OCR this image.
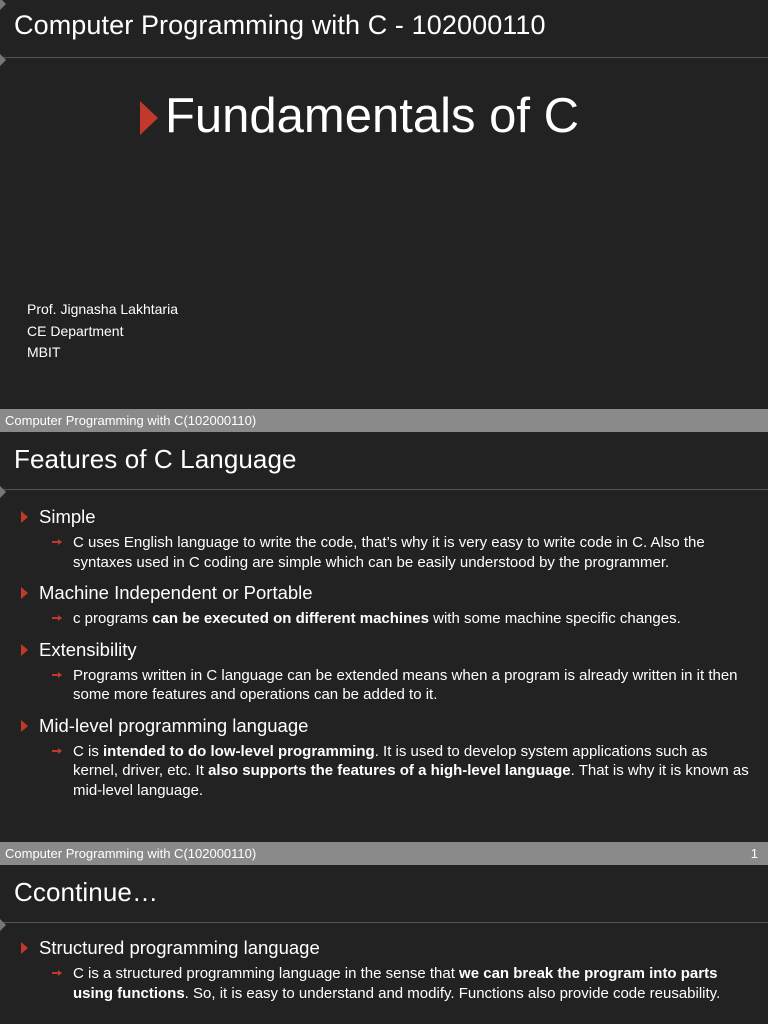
Computer Programming with C - 102000110
Fundamentals of C
Prof. Jignasha Lakhtaria
CE Department
MBIT
Computer Programming with C(102000110)
Features of C Language
Simple
C uses English language to write the code, that’s why it is very easy to write code in C. Also the syntaxes used in C coding are simple which can be easily understood by the programmer.
Machine Independent or Portable
c programs can be executed on different machines with some machine specific changes.
Extensibility
Programs written in C language can be extended means when a program is already written in it then some more features and operations can be added to it.
Mid-level programming language
C is intended to do low-level programming. It is used to develop system applications such as kernel, driver, etc. It also supports the features of a high-level language. That is why it is known as mid-level language.
Computer Programming with C(102000110)	1
Ccontinue…
Structured programming language
C is a structured programming language in the sense that we can break the program into parts using functions. So, it is easy to understand and modify. Functions also provide code reusability.
